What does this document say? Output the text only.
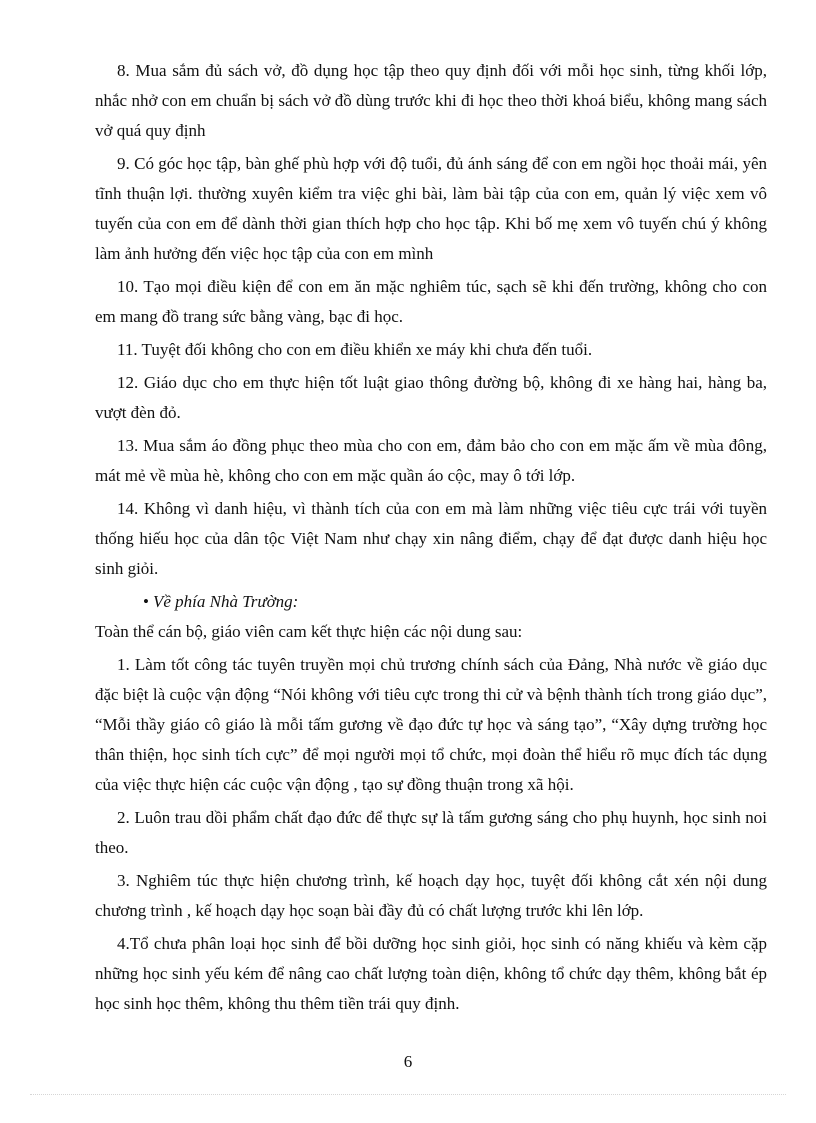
8. Mua sắm đủ sách vở, đồ dụng học tập theo quy định đối với mỗi học sinh, từng khối lớp, nhắc nhở con em chuẩn bị sách vở đồ dùng trước khi đi học theo thời khoá biểu, không mang sách vở quá quy định

9. Có góc học tập, bàn ghế phù hợp với độ tuổi, đủ ánh sáng để con em ngồi học thoải mái, yên tĩnh thuận lợi. thường xuyên kiểm tra việc ghi bài, làm bài tập của con em, quản lý việc xem vô tuyến của con em để dành thời gian thích hợp cho học tập. Khi bố mẹ xem vô tuyến chú ý không làm ảnh hưởng đến việc học tập của con em mình

10. Tạo mọi điều kiện để con em ăn mặc nghiêm túc, sạch sẽ khi đến trường, không cho con em mang đồ trang sức bằng vàng, bạc đi học.

11. Tuyệt đối không cho con em điều khiển xe máy khi chưa đến tuổi.

12. Giáo dục cho em thực hiện tốt luật giao thông đường bộ, không đi xe hàng hai, hàng ba, vượt đèn đỏ.

13. Mua sắm áo đồng phục theo mùa cho con em, đảm bảo cho con em mặc ấm về mùa đông, mát mẻ về mùa hè, không cho con em mặc quần áo cộc, may ô tới lớp.

14. Không vì danh hiệu, vì thành tích của con em mà làm những việc tiêu cực trái với tuyền thống hiếu học của dân tộc Việt Nam như chạy xin nâng điểm, chạy để đạt được danh hiệu học sinh giỏi.

• Về phía Nhà Trường:

Toàn thể cán bộ, giáo viên cam kết thực hiện các nội dung sau:

1. Làm tốt công tác tuyên truyền mọi chủ trương chính sách của Đảng, Nhà nước về giáo dục đặc biệt là cuộc vận động “Nói không với tiêu cực trong thi cử và bệnh thành tích trong giáo dục”, “Mỗi thầy giáo cô giáo là mỗi tấm gương về đạo đức tự học và sáng tạo”, “Xây dựng trường học thân thiện, học sinh tích cực” để mọi người mọi tổ chức, mọi đoàn thể hiểu rõ mục đích tác dụng của việc thực hiện các cuộc vận động , tạo sự đồng thuận trong xã hội.

2. Luôn trau dồi phẩm chất đạo đức để thực sự là tấm gương sáng cho phụ huynh, học sinh noi theo.

3. Nghiêm túc thực hiện chương trình, kế hoạch dạy học, tuyệt đối không cắt xén nội dung chương trình , kế hoạch dạy học soạn bài đầy đủ có chất lượng trước khi lên lớp.

4.Tổ chưa phân loại học sinh để bồi dưỡng học sinh giỏi, học sinh có năng khiếu và kèm cặp những học sinh yếu kém để nâng cao chất lượng toàn diện, không tổ chức dạy thêm, không bắt ép học sinh học thêm, không thu thêm tiền trái quy định.

6
